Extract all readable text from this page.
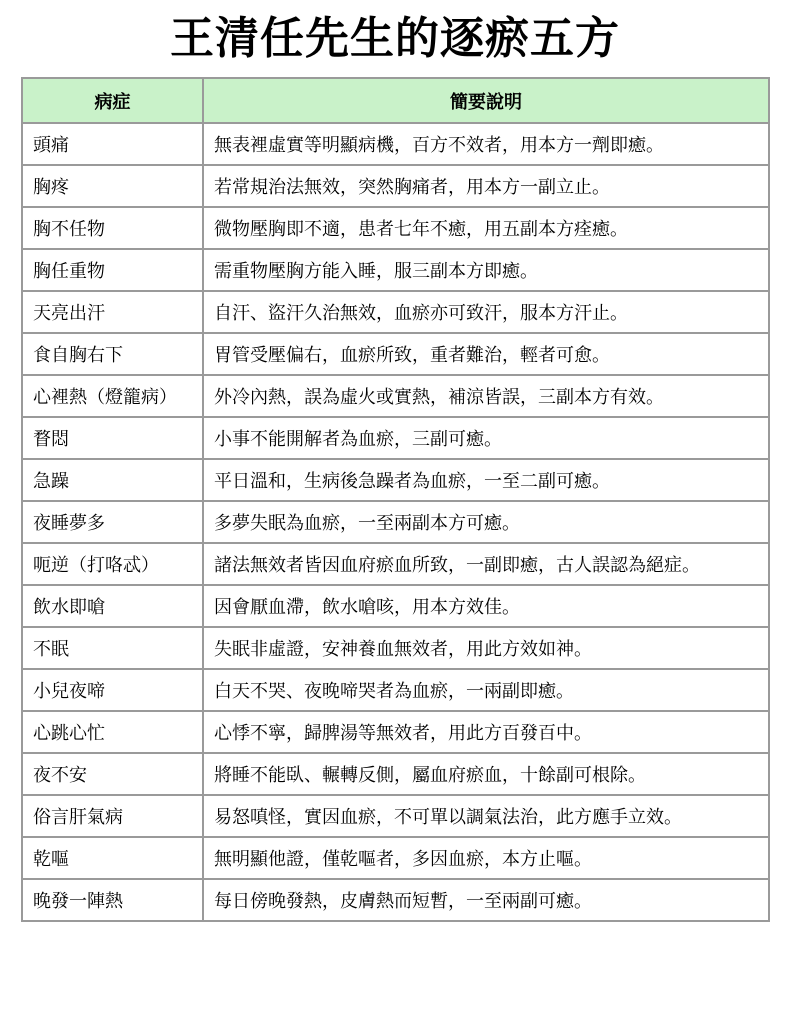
王清任先生的逐瘀五方
病症	簡要說明
頭痛	無表裡虛實等明顯病機，百方不效者，用本方一劑即癒。
胸疼	若常規治法無效，突然胸痛者，用本方一副立止。
胸不任物	微物壓胸即不適，患者七年不癒，用五副本方痊癒。
胸任重物	需重物壓胸方能入睡，服三副本方即癒。
天亮出汗	自汗、盜汗久治無效，血瘀亦可致汗，服本方汗止。
食自胸右下	胃管受壓偏右，血瘀所致，重者難治，輕者可愈。
心裡熱（燈籠病）	外冷內熱，誤為虛火或實熱，補涼皆誤，三副本方有效。
瞀悶	小事不能開解者為血瘀，三副可癒。
急躁	平日溫和，生病後急躁者為血瘀，一至二副可癒。
夜睡夢多	多夢失眠為血瘀，一至兩副本方可癒。
呃逆（打咯忒）	諸法無效者皆因血府瘀血所致，一副即癒，古人誤認為絕症。
飲水即嗆	因會厭血滯，飲水嗆咳，用本方效佳。
不眠	失眠非虛證，安神養血無效者，用此方效如神。
小兒夜啼	白天不哭、夜晚啼哭者為血瘀，一兩副即癒。
心跳心忙	心悸不寧，歸脾湯等無效者，用此方百發百中。
夜不安	將睡不能臥、輾轉反側，屬血府瘀血，十餘副可根除。
俗言肝氣病	易怒嗔怪，實因血瘀，不可單以調氣法治，此方應手立效。
乾嘔	無明顯他證，僅乾嘔者，多因血瘀，本方止嘔。
晚發一陣熱	每日傍晚發熱，皮膚熱而短暫，一至兩副可癒。
